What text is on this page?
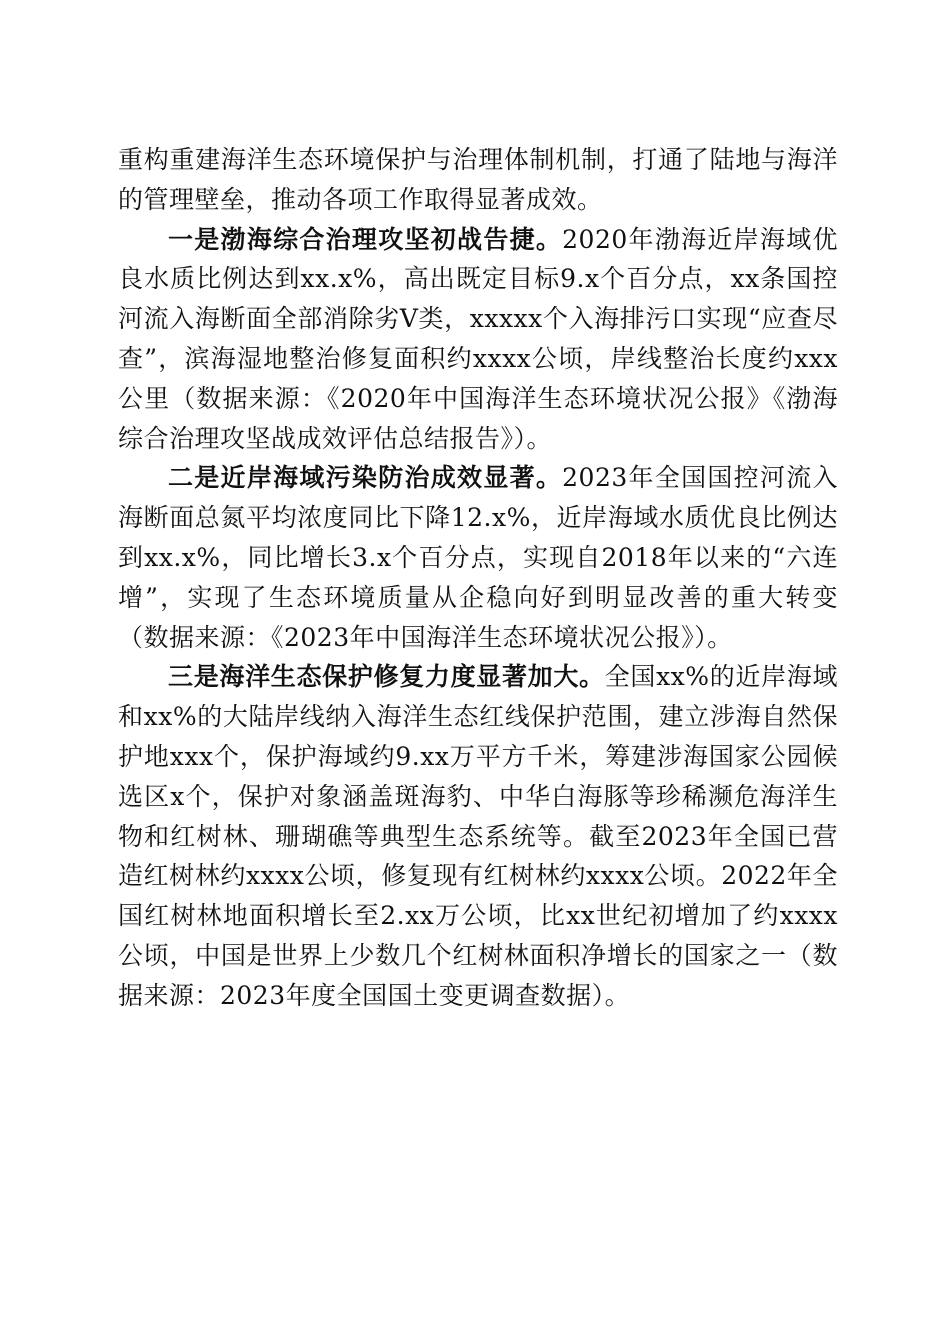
重构重建海洋生态环境保护与治理体制机制，打通了陆地与海洋的管理壁垒，推动各项工作取得显著成效。

一是渤海综合治理攻坚初战告捷。2020年渤海近岸海域优良水质比例达到xx.x%，高出既定目标9.x个百分点，xx条国控河流入海断面全部消除劣Ⅴ类，xxxxx个入海排污口实现“应查尽查”，滨海湿地整治修复面积约xxxx公顷，岸线整治长度约xxx公里（数据来源：《2020年中国海洋生态环境状况公报》《渤海综合治理攻坚战成效评估总结报告》）。

二是近岸海域污染防治成效显著。2023年全国国控河流入海断面总氮平均浓度同比下降12.x%，近岸海域水质优良比例达到xx.x%，同比增长3.x个百分点，实现自2018年以来的“六连增”，实现了生态环境质量从企稳向好到明显改善的重大转变（数据来源：《2023年中国海洋生态环境状况公报》）。

三是海洋生态保护修复力度显著加大。全国xx%的近岸海域和xx%的大陆岸线纳入海洋生态红线保护范围，建立涉海自然保护地xxx个，保护海域约9.xx万平方千米，筹建涉海国家公园候选区x个，保护对象涵盖斑海豹、中华白海豚等珍稀濒危海洋生物和红树林、珊瑚礁等典型生态系统等。截至2023年全国已营造红树林约xxxx公顷，修复现有红树林约xxxx公顷。2022年全国红树林地面积增长至2.xx万公顷，比xx世纪初增加了约xxxx公顷，中国是世界上少数几个红树林面积净增长的国家之一（数据来源：2023年度全国国土变更调查数据）。
